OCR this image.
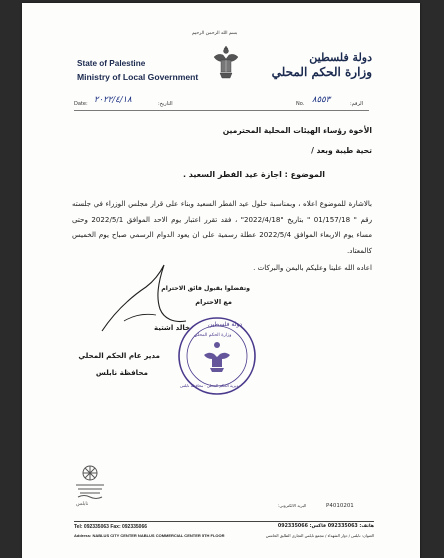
بسم الله الرحمن الرحيم
State of Palestine
Ministry of Local Government
دولة فلسطين
وزارة الحكم المحلي
Date: ٢٠٢٢/٤/١٨	التاريخ:	No. ٨٥٥٣	الرقم:
الأخوة رؤساء الهيئات المحلية المحترمين
تحية طيبة وبعد /
الموضوع : اجازة عيد الفطر السعيد .
بالاشارة للموضوع اعلاه ، وبمناسبة حلول عيد الفطر السعيد وبناء على قرار مجلس الوزراء في جلسته رقم " 01/157/18 " بتاريخ "2022/4/18" ، فقد تقرر اعتبار يوم الاحد الموافق 2022/5/1 وحتى مساء يوم الاربعاء الموافق 2022/5/4 عطلة رسمية على ان يعود الدوام الرسمي صباح يوم الخميس كالمعتاد.
اعاده الله علينا وعليكم باليمن والبركات .
وتفضلوا بقبول فائق الاحترام
مع الاحترام
خالد اشتية
مدير عام الحكم المحلي
محافظة نابلس
دولة فلسطين
وزارة الحكم المحلي
مديرية الحكم المحلي - محافظة نابلس
نابلس	P4010201
البريد الالكتروني:
Tel: 092335063 Fax: 092335066
Address: NABLUS CITY CENTER NABLUS COMMERCIAL CENTER 5TH FLOOR
هاتف: 092335063 فاكس: 092335066
العنوان: نابلس / دوار الشهداء / مجمع نابلس التجاري الطابق الخامس
